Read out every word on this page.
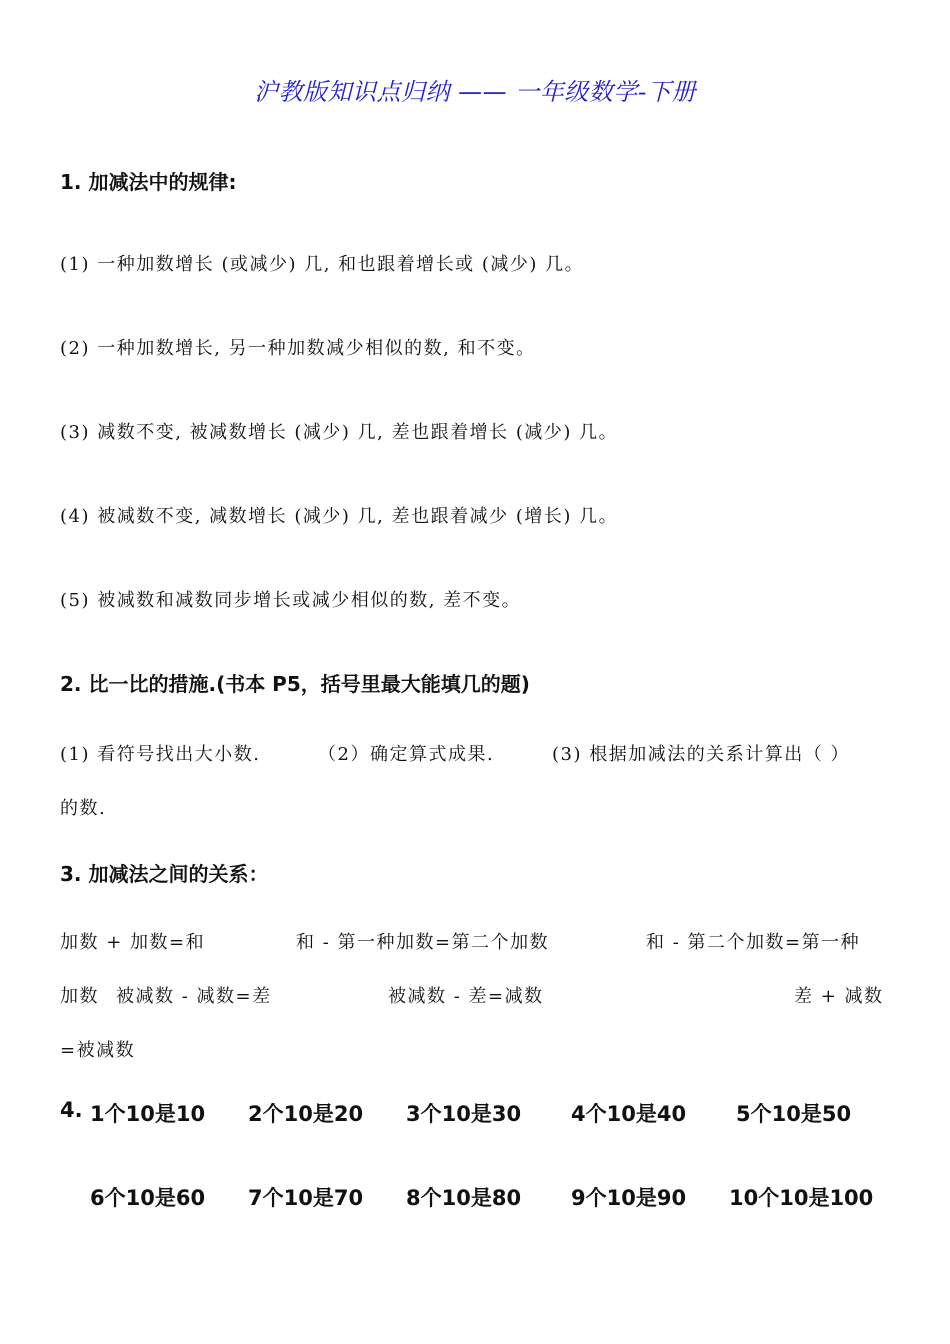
沪教版知识点归纳 —— 一年级数学-下册
1. 加减法中的规律:
(1) 一种加数增长 (或减少) 几, 和也跟着增长或 (减少) 几。
(2) 一种加数增长, 另一种加数减少相似的数, 和不变。
(3) 减数不变, 被减数增长 (减少) 几, 差也跟着增长 (减少) 几。
(4) 被减数不变, 减数增长 (减少) 几, 差也跟着减少 (增长) 几。
(5) 被减数和减数同步增长或减少相似的数, 差不变。
2. 比一比的措施.(书本 P5，括号里最大能填几的题)
(1) 看符号找出大小数.	（2）确定算式成果.	(3) 根据加减法的关系计算出（ ）
的数.
3. 加减法之间的关系：
加数 + 加数=和	和 - 第一种加数=第二个加数	和 - 第二个加数=第一种
加数 被减数 - 减数=差	被减数 - 差=减数	差 + 减数
=被减数
4. 1个10是10 2个10是20 3个10是30 4个10是40 5个10是50
6个10是60 7个10是70 8个10是80 9个10是90 10个10是100
